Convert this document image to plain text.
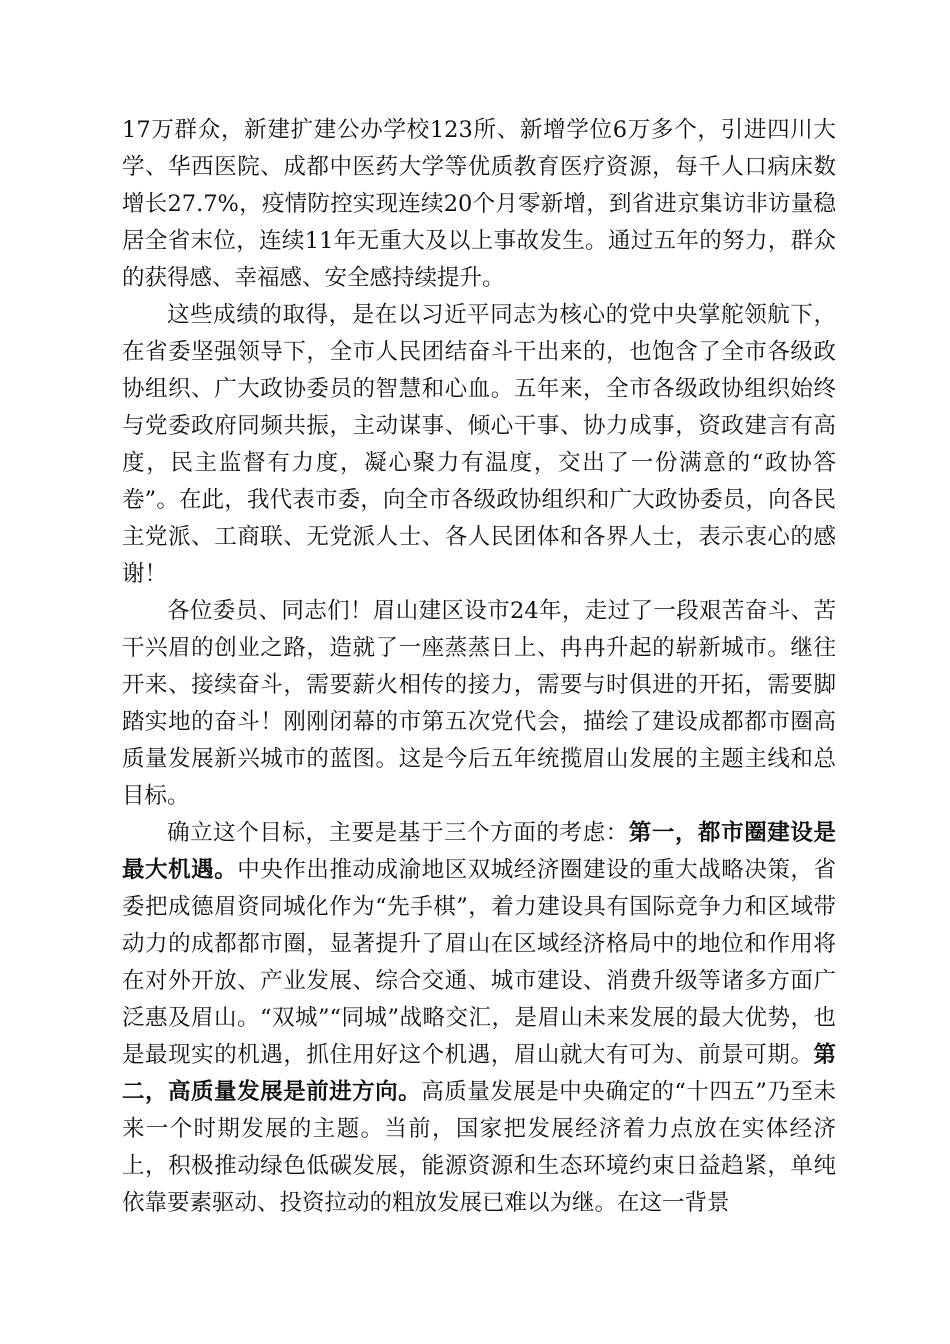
17万群众，新建扩建公办学校123所、新增学位6万多个，引进四川大学、华西医院、成都中医药大学等优质教育医疗资源，每千人口病床数增长27.7%，疫情防控实现连续20个月零新增，到省进京集访非访量稳居全省末位，连续11年无重大及以上事故发生。通过五年的努力，群众的获得感、幸福感、安全感持续提升。

这些成绩的取得，是在以习近平同志为核心的党中央掌舵领航下，在省委坚强领导下，全市人民团结奋斗干出来的，也饱含了全市各级政协组织、广大政协委员的智慧和心血。五年来，全市各级政协组织始终与党委政府同频共振，主动谋事、倾心干事、协力成事，资政建言有高度，民主监督有力度，凝心聚力有温度，交出了一份满意的“政协答卷”。在此，我代表市委，向全市各级政协组织和广大政协委员，向各民主党派、工商联、无党派人士、各人民团体和各界人士，表示衷心的感谢！

各位委员、同志们！眉山建区设市24年，走过了一段艰苦奋斗、苦干兴眉的创业之路，造就了一座蒸蒸日上、冉冉升起的崭新城市。继往开来、接续奋斗，需要薪火相传的接力，需要与时俱进的开拓，需要脚踏实地的奋斗！刚刚闭幕的市第五次党代会，描绘了建设成都都市圈高质量发展新兴城市的蓝图。这是今后五年统揽眉山发展的主题主线和总目标。

确立这个目标，主要是基于三个方面的考虑：第一，都市圈建设是最大机遇。中央作出推动成渝地区双城经济圈建设的重大战略决策，省委把成德眉资同城化作为“先手棋”，着力建设具有国际竞争力和区域带动力的成都都市圈，显著提升了眉山在区域经济格局中的地位和作用将在对外开放、产业发展、综合交通、城市建设、消费升级等诸多方面广泛惠及眉山。“双城”“同城”战略交汇，是眉山未来发展的最大优势，也是最现实的机遇，抓住用好这个机遇，眉山就大有可为、前景可期。第二，高质量发展是前进方向。高质量发展是中央确定的“十四五”乃至未来一个时期发展的主题。当前，国家把发展经济着力点放在实体经济上，积极推动绿色低碳发展，能源资源和生态环境约束日益趋紧，单纯依靠要素驱动、投资拉动的粗放发展已难以为继。在这一背景
